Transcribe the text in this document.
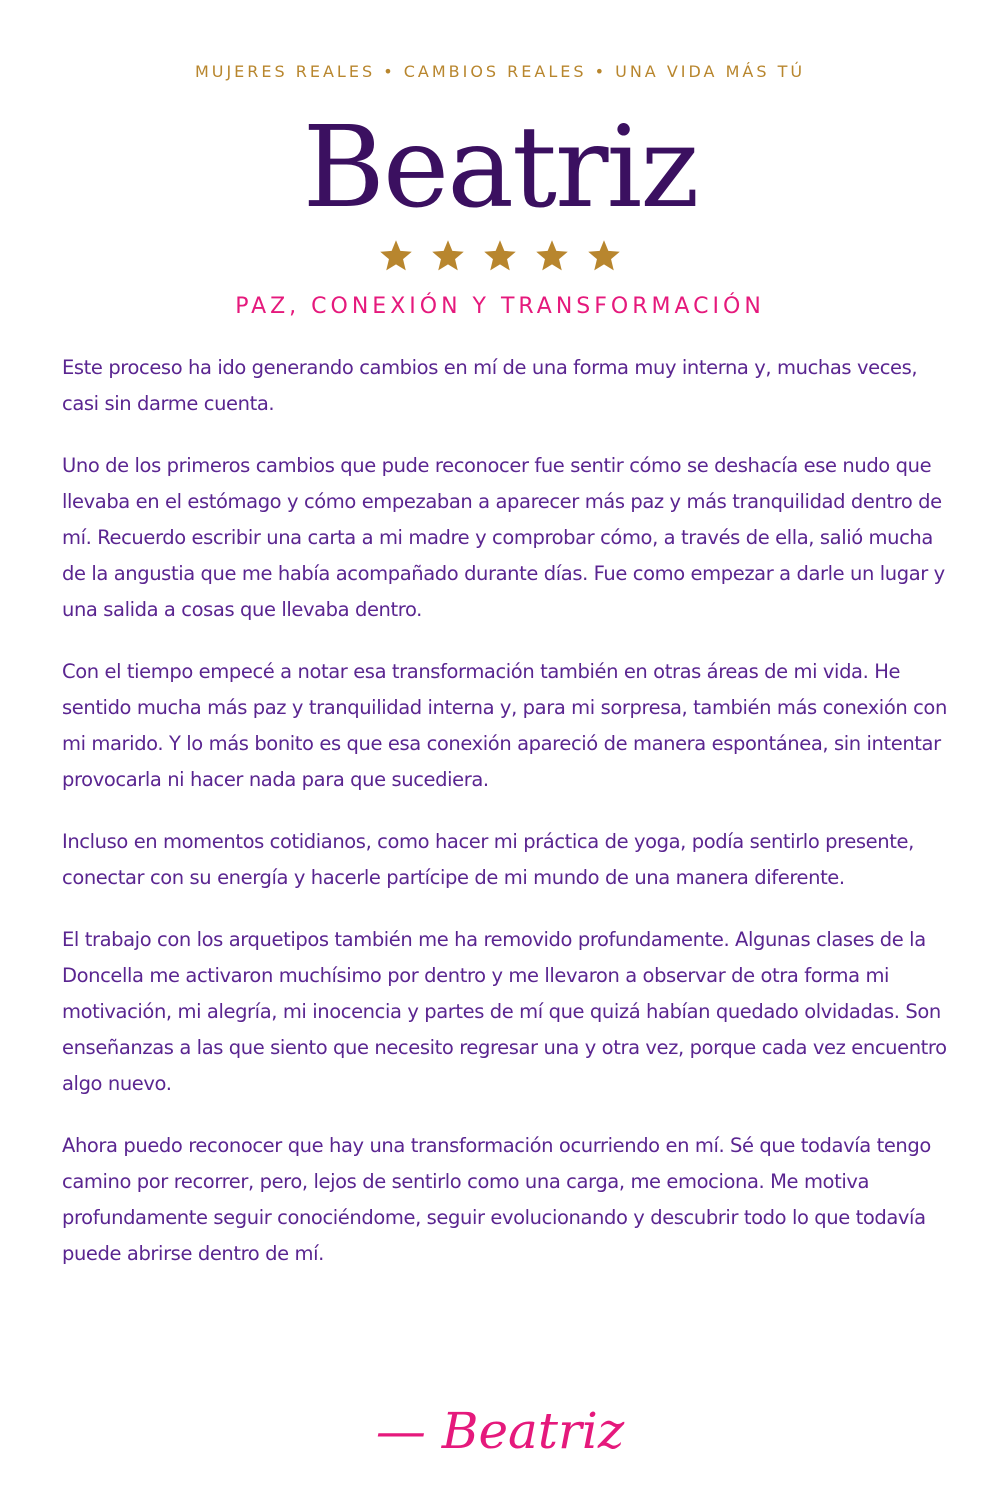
MUJERES REALES • CAMBIOS REALES • UNA VIDA MÁS TÚ
Beatriz
PAZ, CONEXIÓN Y TRANSFORMACIÓN

Este proceso ha ido generando cambios en mí de una forma muy interna y, muchas veces, casi sin darme cuenta.

Uno de los primeros cambios que pude reconocer fue sentir cómo se deshacía ese nudo que llevaba en el estómago y cómo empezaban a aparecer más paz y más tranquilidad dentro de mí. Recuerdo escribir una carta a mi madre y comprobar cómo, a través de ella, salió mucha de la angustia que me había acompañado durante días. Fue como empezar a darle un lugar y una salida a cosas que llevaba dentro.

Con el tiempo empecé a notar esa transformación también en otras áreas de mi vida. He sentido mucha más paz y tranquilidad interna y, para mi sorpresa, también más conexión con mi marido. Y lo más bonito es que esa conexión apareció de manera espontánea, sin intentar provocarla ni hacer nada para que sucediera.

Incluso en momentos cotidianos, como hacer mi práctica de yoga, podía sentirlo presente, conectar con su energía y hacerle partícipe de mi mundo de una manera diferente.

El trabajo con los arquetipos también me ha removido profundamente. Algunas clases de la Doncella me activaron muchísimo por dentro y me llevaron a observar de otra forma mi motivación, mi alegría, mi inocencia y partes de mí que quizá habían quedado olvidadas. Son enseñanzas a las que siento que necesito regresar una y otra vez, porque cada vez encuentro algo nuevo.

Ahora puedo reconocer que hay una transformación ocurriendo en mí. Sé que todavía tengo camino por recorrer, pero, lejos de sentirlo como una carga, me emociona. Me motiva profundamente seguir conociéndome, seguir evolucionando y descubrir todo lo que todavía puede abrirse dentro de mí.

— Beatriz
